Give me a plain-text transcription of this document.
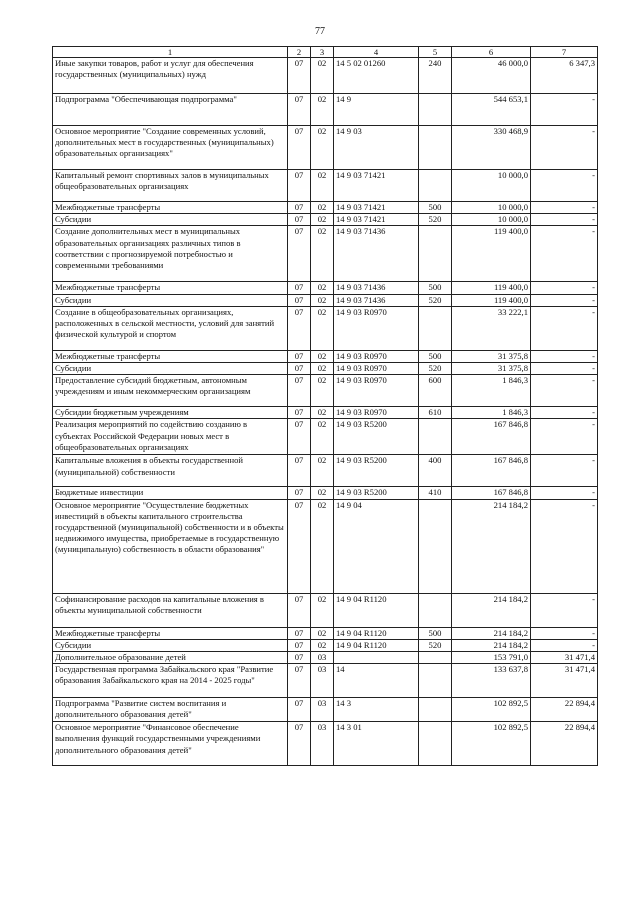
77
1	2	3	4	5	6	7
Иные закупки товаров, работ и услуг для обеспечения государственных (муниципальных) нужд	07	02	14 5 02 01260	240	46 000,0	6 347,3
Подпрограмма "Обеспечивающая подпрограмма"	07	02	14 9		544 653,1	-
Основное мероприятие "Создание современных условий, дополнительных мест в государственных (муниципальных) образовательных организациях"	07	02	14 9 03		330 468,9	-
Капитальный ремонт спортивных залов в муниципальных общеобразовательных организациях	07	02	14 9 03 71421		10 000,0	-
Межбюджетные трансферты	07	02	14 9 03 71421	500	10 000,0	-
Субсидии	07	02	14 9 03 71421	520	10 000,0	-
Создание дополнительных мест в муниципальных образовательных организациях различных типов в соответствии с прогнозируемой потребностью и современными требованиями	07	02	14 9 03 71436		119 400,0	-
Межбюджетные трансферты	07	02	14 9 03 71436	500	119 400,0	-
Субсидии	07	02	14 9 03 71436	520	119 400,0	-
Создание в общеобразовательных организациях, расположенных в сельской местности, условий для занятий физической культурой и спортом	07	02	14 9 03 R0970		33 222,1	-
Межбюджетные трансферты	07	02	14 9 03 R0970	500	31 375,8	-
Субсидии	07	02	14 9 03 R0970	520	31 375,8	-
Предоставление субсидий бюджетным, автономным учреждениям и иным некоммерческим организациям	07	02	14 9 03 R0970	600	1 846,3	-
Субсидии бюджетным учреждениям	07	02	14 9 03 R0970	610	1 846,3	-
Реализация мероприятий по содействию созданию в субъектах Российской Федерации новых мест в общеобразовательных организациях	07	02	14 9 03 R5200		167 846,8	-
Капитальные вложения в объекты государственной (муниципальной) собственности	07	02	14 9 03 R5200	400	167 846,8	-
Бюджетные инвестиции	07	02	14 9 03 R5200	410	167 846,8	-
Основное мероприятие "Осуществление бюджетных инвестиций в объекты капитального строительства государственной (муниципальной) собственности и в объекты недвижимого имущества, приобретаемые в государственную (муниципальную) собственность в области образования"	07	02	14 9 04		214 184,2	-
Софинансирование расходов на капитальные вложения в объекты муниципальной собственности	07	02	14 9 04 R1120		214 184,2	-
Межбюджетные трансферты	07	02	14 9 04 R1120	500	214 184,2	-
Субсидии	07	02	14 9 04 R1120	520	214 184,2	-
Дополнительное образование детей	07	03			153 791,0	31 471,4
Государственная программа Забайкальского края "Развитие образования Забайкальского края на 2014 - 2025 годы"	07	03	14		133 637,8	31 471,4
Подпрограмма "Развитие систем воспитания и дополнительного образования детей"	07	03	14 3		102 892,5	22 894,4
Основное мероприятие "Финансовое обеспечение выполнения функций государственными учреждениями дополнительного образования детей"	07	03	14 3 01		102 892,5	22 894,4
